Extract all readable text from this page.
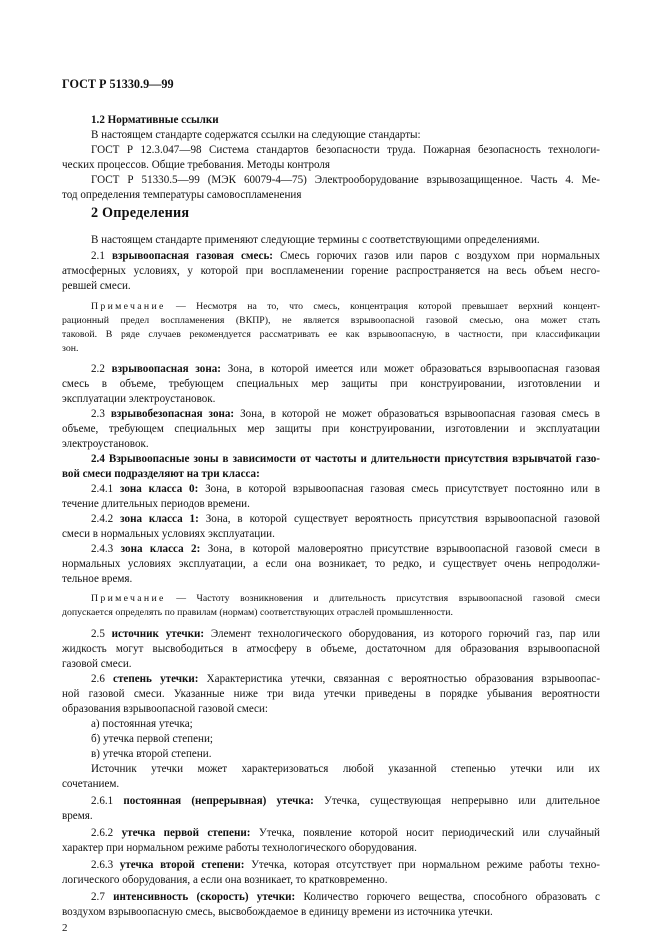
ГОСТ Р 51330.9—99
1.2 Нормативные ссылки
В настоящем стандарте содержатся ссылки на следующие стандарты:
ГОСТ Р 12.3.047—98 Система стандартов безопасности труда. Пожарная безопасность технологи-
ческих процессов. Общие требования. Методы контроля
ГОСТ Р 51330.5—99 (МЭК 60079-4—75) Электрооборудование взрывозащищенное. Часть 4. Ме-
тод определения температуры самовоспламенения
2 Определения
В настоящем стандарте применяют следующие термины с соответствующими определениями.
2.1 взрывоопасная газовая смесь: Смесь горючих газов или паров с воздухом при нормальных
атмосферных условиях, у которой при воспламенении горение распространяется на весь объем несго-
ревшей смеси.
Примечание — Несмотря на то, что смесь, концентрация которой превышает верхний концент-
рационный предел воспламенения (ВКПР), не является взрывоопасной газовой смесью, она может стать
таковой. В ряде случаев рекомендуется рассматривать ее как взрывоопасную, в частности, при классификации
зон.
2.2 взрывоопасная зона: Зона, в которой имеется или может образоваться взрывоопасная газовая
смесь в объеме, требующем специальных мер защиты при конструировании, изготовлении и
эксплуатации электроустановок.
2.3 взрывобезопасная зона: Зона, в которой не может образоваться взрывоопасная газовая смесь в
объеме, требующем специальных мер защиты при конструировании, изготовлении и эксплуатации
электроустановок.
2.4 Взрывоопасные зоны в зависимости от частоты и длительности присутствия взрывчатой газо-
вой смеси подразделяют на три класса:
2.4.1 зона класса 0: Зона, в которой взрывоопасная газовая смесь присутствует постоянно или в
течение длительных периодов времени.
2.4.2 зона класса 1: Зона, в которой существует вероятность присутствия взрывоопасной газовой
смеси в нормальных условиях эксплуатации.
2.4.3 зона класса 2: Зона, в которой маловероятно присутствие взрывоопасной газовой смеси в
нормальных условиях эксплуатации, а если она возникает, то редко, и существует очень непродолжи-
тельное время.
Примечание — Частоту возникновения и длительность присутствия взрывоопасной газовой смеси
допускается определять по правилам (нормам) соответствующих отраслей промышленности.
2.5 источник утечки: Элемент технологического оборудования, из которого горючий газ, пар или
жидкость могут высвободиться в атмосферу в объеме, достаточном для образования взрывоопасной
газовой смеси.
2.6 степень утечки: Характеристика утечки, связанная с вероятностью образования взрывоопас-
ной газовой смеси. Указанные ниже три вида утечки приведены в порядке убывания вероятности
образования взрывоопасной газовой смеси:
а) постоянная утечка;
б) утечка первой степени;
в) утечка второй степени.
Источник утечки может характеризоваться любой указанной степенью утечки или их
сочетанием.
2.6.1 постоянная (непрерывная) утечка: Утечка, существующая непрерывно или длительное
время.
2.6.2 утечка первой степени: Утечка, появление которой носит периодический или случайный
характер при нормальном режиме работы технологического оборудования.
2.6.3 утечка второй степени: Утечка, которая отсутствует при нормальном режиме работы техно-
логического оборудования, а если она возникает, то кратковременно.
2.7 интенсивность (скорость) утечки: Количество горючего вещества, способного образовать с
воздухом взрывоопасную смесь, высвобождаемое в единицу времени из источника утечки.
2
